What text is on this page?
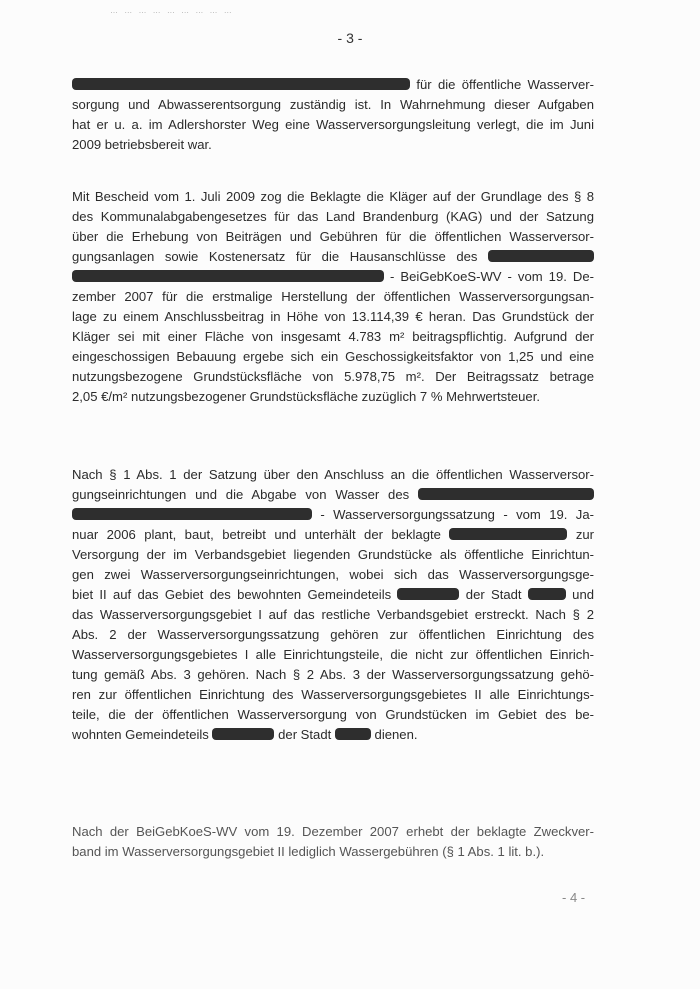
… … … … … … … … …
- 3 -
für die öffentliche Wasserver-
sorgung und Abwasserentsorgung zuständig ist. In Wahrnehmung dieser Aufgaben
hat er u. a. im Adlershorster Weg eine Wasserversorgungsleitung verlegt, die im Juni
2009 betriebsbereit war.
Mit Bescheid vom 1. Juli 2009 zog die Beklagte die Kläger auf der Grundlage des § 8
des Kommunalabgabengesetzes für das Land Brandenburg (KAG) und der Satzung
über die Erhebung von Beiträgen und Gebühren für die öffentlichen Wasserversor-
gungsanlagen sowie Kostenersatz für die Hausanschlüsse des
- BeiGebKoeS-WV - vom 19. De-
zember 2007 für die erstmalige Herstellung der öffentlichen Wasserversorgungsan-
lage zu einem Anschlussbeitrag in Höhe von 13.114,39 € heran. Das Grundstück der
Kläger sei mit einer Fläche von insgesamt 4.783 m² beitragspflichtig. Aufgrund der
eingeschossigen Bebauung ergebe sich ein Geschossigkeitsfaktor von 1,25 und eine
nutzungsbezogene Grundstücksfläche von 5.978,75 m². Der Beitragssatz betrage
2,05 €/m² nutzungsbezogener Grundstücksfläche zuzüglich 7 % Mehrwertsteuer.
Nach § 1 Abs. 1 der Satzung über den Anschluss an die öffentlichen Wasserversor-
gungseinrichtungen und die Abgabe von Wasser des
- Wasserversorgungssatzung - vom 19. Ja-
nuar 2006 plant, baut, betreibt und unterhält der beklagte	zur
Versorgung der im Verbandsgebiet liegenden Grundstücke als öffentliche Einrichtun-
gen zwei Wasserversorgungseinrichtungen, wobei sich das Wasserversorgungsge-
biet II auf das Gebiet des bewohnten Gemeindeteils	der Stadt	und
das Wasserversorgungsgebiet I auf das restliche Verbandsgebiet erstreckt. Nach § 2
Abs. 2 der Wasserversorgungssatzung gehören zur öffentlichen Einrichtung des
Wasserversorgungsgebietes I alle Einrichtungsteile, die nicht zur öffentlichen Einrich-
tung gemäß Abs. 3 gehören. Nach § 2 Abs. 3 der Wasserversorgungssatzung gehö-
ren zur öffentlichen Einrichtung des Wasserversorgungsgebietes II alle Einrichtungs-
teile, die der öffentlichen Wasserversorgung von Grundstücken im Gebiet des be-
wohnten Gemeindeteils	der Stadt	dienen.
Nach der BeiGebKoeS-WV vom 19. Dezember 2007 erhebt der beklagte Zweckver-
band im Wasserversorgungsgebiet II lediglich Wassergebühren (§ 1 Abs. 1 lit. b.).
- 4 -
